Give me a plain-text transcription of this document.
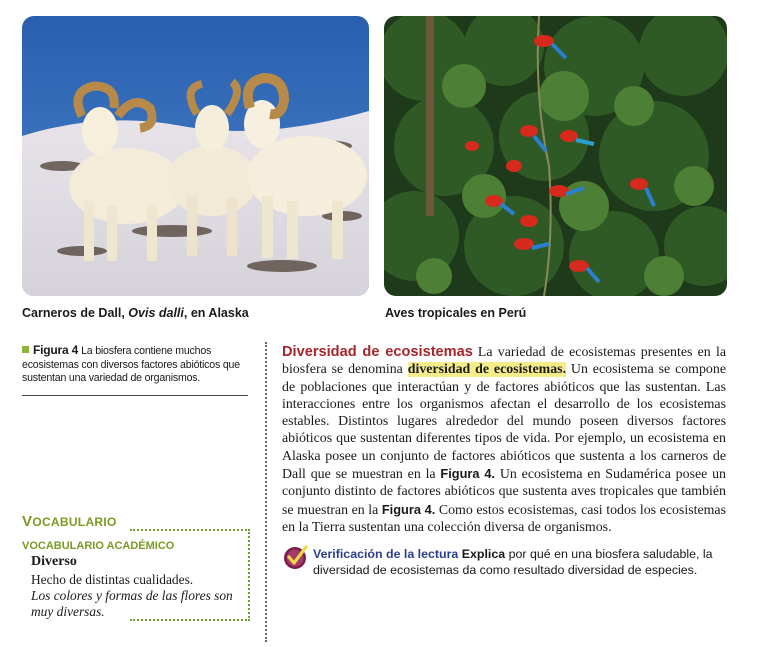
Carneros de Dall, Ovis dalli, en Alaska	Aves tropicales en Perú
Figura 4 La biosfera contiene muchos ecosistemas con diversos factores abióticos que sustentan una variedad de organismos.
Diversidad de ecosistemas La variedad de ecosistemas presentes en la biosfera se denomina diversidad de ecosistemas. Un ecosistema se compone de poblaciones que interactúan y de factores abióticos que las sustentan. Las interacciones entre los organismos afectan el desarrollo de los ecosistemas estables. Distintos lugares alrededor del mundo poseen diversos factores abióticos que sustentan diferentes tipos de vida. Por ejemplo, un ecosistema en Alaska posee un conjunto de factores abióticos que sustenta a los carneros de Dall que se muestran en la Figura 4. Un ecosistema en Sudamérica posee un conjunto distinto de factores abióticos que sustenta aves tropicales que también se muestran en la Figura 4. Como estos ecosistemas, casi todos los ecosistemas en la Tierra sustentan una colección diversa de organismos.
Verificación de la lectura Explica por qué en una biosfera saludable, la diversidad de ecosistemas da como resultado diversidad de especies.
VOCABULARIO
VOCABULARIO ACADÉMICO
Diverso
Hecho de distintas cualidades.
Los colores y formas de las flores son muy diversas.
